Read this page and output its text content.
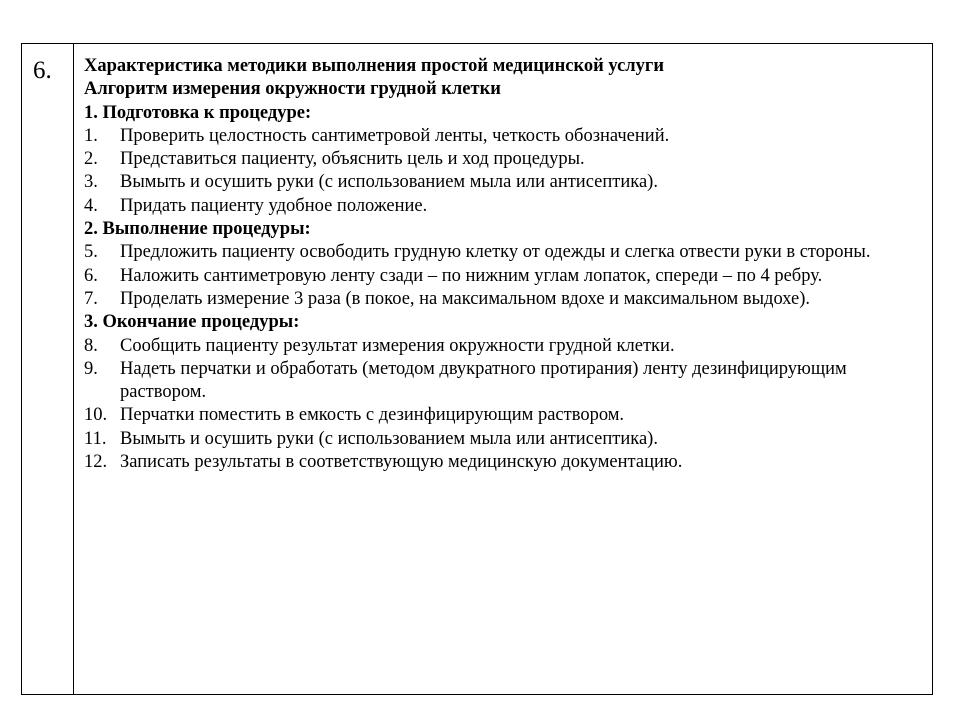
6. Характеристика методики выполнения простой медицинской услуги
Алгоритм измерения окружности грудной клетки
1. Подготовка к процедуре:
1.	Проверить целостность сантиметровой ленты, четкость обозначений.
2.	Представиться пациенту, объяснить цель и ход процедуры.
3.	Вымыть и осушить руки (с использованием мыла или антисептика).
4.	Придать пациенту удобное положение.
2. Выполнение процедуры:
5.	Предложить пациенту освободить грудную клетку от одежды и слегка отвести руки в стороны.
6.	Наложить сантиметровую ленту сзади – по нижним углам лопаток, спереди – по 4 ребру.
7.	Проделать измерение 3 раза (в покое, на максимальном вдохе и максимальном выдохе).
3. Окончание процедуры:
8.	Сообщить пациенту результат измерения окружности грудной клетки.
9.	Надеть перчатки и обработать (методом двукратного протирания) ленту дезинфицирующим раствором.
10. Перчатки поместить в емкость с дезинфицирующим раствором.
11. Вымыть и осушить руки (с использованием мыла или антисептика).
12. Записать результаты в соответствующую медицинскую документацию.
